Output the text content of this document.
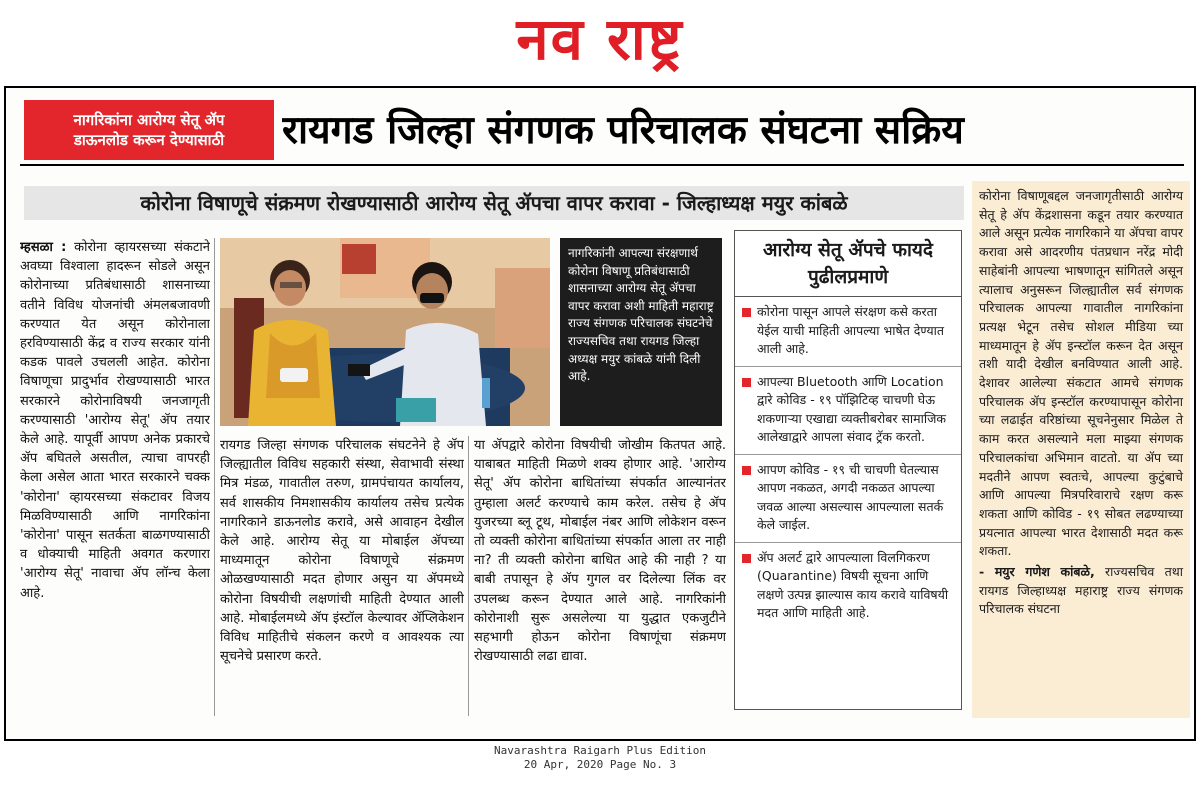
नव राष्ट्र
नागरिकांना आरोग्य सेतू ॲप
डाऊनलोड करून देण्यासाठी	रायगड जिल्हा संगणक परिचालक संघटना सक्रिय
कोरोना विषाणूचे संक्रमण रोखण्यासाठी आरोग्य सेतू ॲपचा वापर करावा - जिल्हाध्यक्ष मयुर कांबळे
म्हसळा : कोरोना व्हायरसच्या संकटाने अवघ्या विश्वाला हादरून सोडले असून कोरोनाच्या प्रतिबंधासाठी शासनाच्या वतीने विविध योजनांची अंमलबजावणी करण्यात येत असून कोरोनाला हरविण्यासाठी केंद्र व राज्य सरकार यांनी कडक पावले उचलली आहेत. कोरोना विषाणूचा प्रादुर्भाव रोखण्यासाठी भारत सरकारने कोरोनाविषयी जनजागृती करण्यासाठी 'आरोग्य सेतू' ॲप तयार केले आहे. यापूर्वी आपण अनेक प्रकारचे ॲप बघितले असतील, त्याचा वापरही केला असेल आता भारत सरकारने चक्क 'कोरोना' व्हायरसच्या संकटावर विजय मिळविण्यासाठी आणि नागरिकांना 'कोरोना' पासून सतर्कता बाळगण्यासाठी व धोक्याची माहिती अवगत करणारा 'आरोग्य सेतू' नावाचा ॲप लॉन्च केला आहे.
नागरिकांनी आपल्या संरक्षणार्थ कोरोना विषाणू प्रतिबंधासाठी शासनाच्या आरोग्य सेतू ॲपचा वापर करावा अशी माहिती महाराष्ट्र राज्य संगणक परिचालक संघटनेचे राज्यसचिव तथा रायगड जिल्हा अध्यक्ष मयुर कांबळे यांनी दिली आहे.
रायगड जिल्हा संगणक परिचालक संघटनेने हे ॲप जिल्ह्यातील विविध सहकारी संस्था, सेवाभावी संस्था मित्र मंडळ, गावातील तरुण, ग्रामपंचायत कार्यालय, सर्व शासकीय निमशासकीय कार्यालय तसेच प्रत्येक नागरिकाने डाऊनलोड करावे, असे आवाहन देखील केले आहे. आरोग्य सेतू या मोबाईल ॲपच्या माध्यमातून कोरोना विषाणूचे संक्रमण ओळखण्यासाठी मदत होणार असुन या ॲपमध्ये कोरोना विषयीची लक्षणांची माहिती देण्यात आली आहे. मोबाईलमध्ये ॲप इंस्टॉल केल्यावर ॲप्लिकेशन विविध माहितीचे संकलन करणे व आवश्यक त्या सूचनेचे प्रसारण करते.
या ॲपद्वारे कोरोना विषयीची जोखीम कितपत आहे. याबाबत माहिती मिळणे शक्य होणार आहे. 'आरोग्य सेतू' ॲप कोरोना बाधितांच्या संपर्कात आल्यानंतर तुम्हाला अलर्ट करण्याचे काम करेल. तसेच हे ॲप युजरच्या ब्लू टूथ, मोबाईल नंबर आणि लोकेशन वरून तो व्यक्ती कोरोना बाधितांच्या संपर्कात आला तर नाही ना? ती व्यक्ती कोरोना बाधित आहे की नाही ? या बाबी तपासून हे ॲप गुगल वर दिलेल्या लिंक वर उपलब्ध करून देण्यात आले आहे. नागरिकांनी कोरोनाशी सुरू असलेल्या या युद्धात एकजुटीने सहभागी होऊन कोरोना विषाणूंचा संक्रमण रोखण्यासाठी लढा द्यावा.
आरोग्य सेतू ॲपचे फायदे पुढीलप्रमाणे
कोरोना पासून आपले संरक्षण कसे करता येईल याची माहिती आपल्या भाषेत देण्यात आली आहे.
आपल्या Bluetooth आणि Location द्वारे कोविड - १९ पॉझिटिव्ह चाचणी घेऊ शकणाऱ्या एखाद्या व्यक्तीबरोबर सामाजिक आलेखाद्वारे आपला संवाद ट्रॅक करतो.
आपण कोविड - १९ ची चाचणी घेतल्यास आपण नकळत, अगदी नकळत आपल्या जवळ आल्या असल्यास आपल्याला सतर्क केले जाईल.
ॲप अलर्ट द्वारे आपल्याला विलगिकरण (Quarantine) विषयी सूचना आणि लक्षणे उत्पन्न झाल्यास काय करावे याविषयी मदत आणि माहिती आहे.
कोरोना विषाणूबद्दल जनजागृतीसाठी आरोग्य सेतू हे ॲप केंद्रशासना कडून तयार करण्यात आले असून प्रत्येक नागरिकाने या ॲपचा वापर करावा असे आदरणीय पंतप्रधान नरेंद्र मोदी साहेबांनी आपल्या भाषणातून सांगितले असून त्यालाच अनुसरून जिल्ह्यातील सर्व संगणक परिचालक आपल्या गावातील नागरिकांना प्रत्यक्ष भेटून तसेच सोशल मीडिया च्या माध्यमातून हे ॲप इन्स्टॉल करून देत असून तशी यादी देखील बनविण्यात आली आहे. देशावर आलेल्या संकटात आमचे संगणक परिचालक ॲप इन्स्टॉल करण्यापासून कोरोना च्या लढाईत वरिष्ठांच्या सूचनेनुसार मिळेल ते काम करत असल्याने मला माझ्या संगणक परिचालकांचा अभिमान वाटतो. या ॲप च्या मदतीने आपण स्वतःचे, आपल्या कुटुंबाचे आणि आपल्या मित्रपरिवाराचे रक्षण करू शकता आणि कोविड - १९ सोबत लढण्याच्या प्रयत्नात आपल्या भारत देशासाठी मदत करू शकता.
- मयुर गणेश कांबळे, राज्यसचिव तथा रायगड जिल्हाध्यक्ष महाराष्ट्र राज्य संगणक परिचालक संघटना
Navarashtra Raigarh Plus Edition
20 Apr, 2020 Page No. 3
